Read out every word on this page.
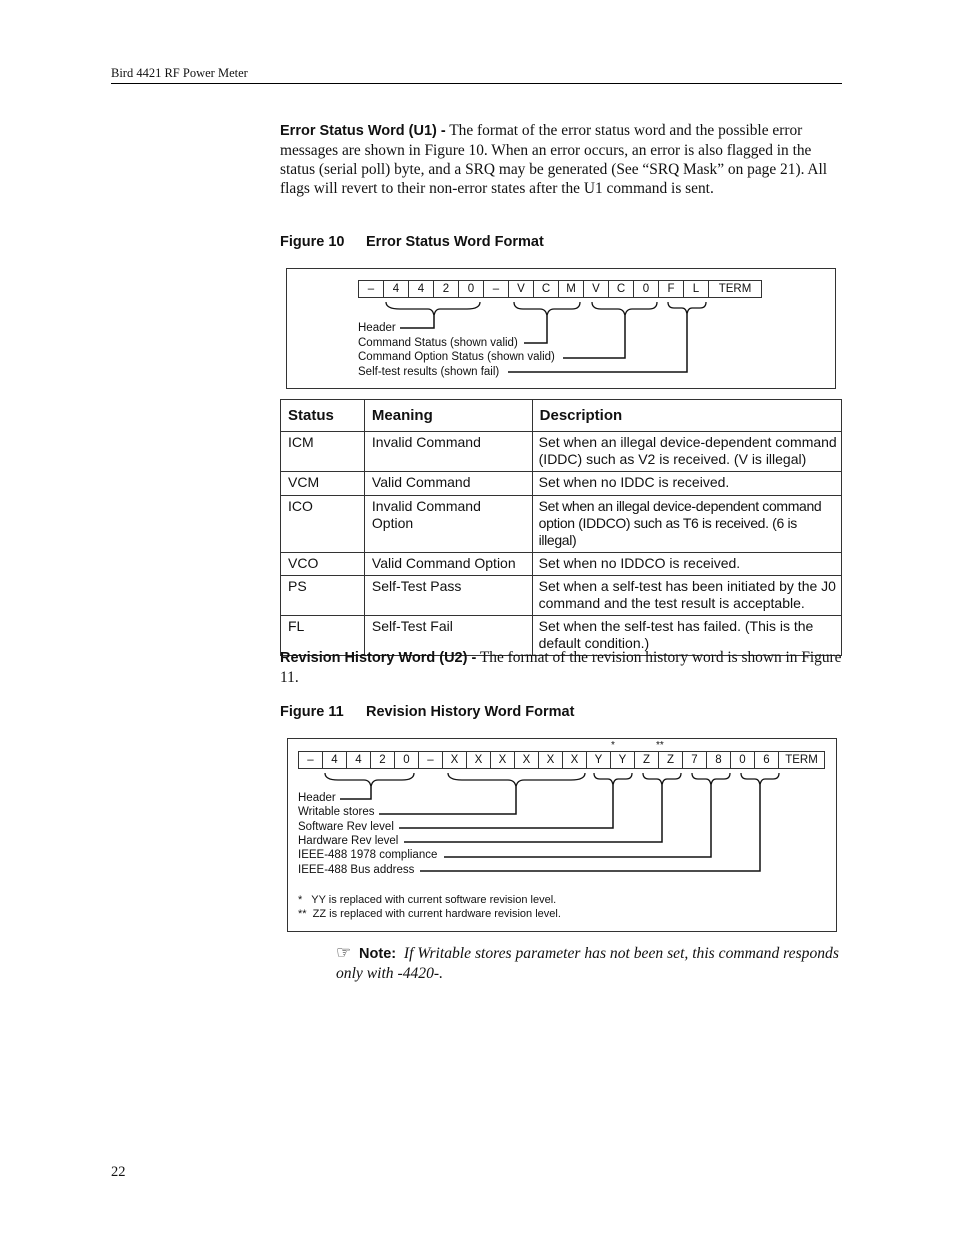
Bird 4421 RF Power Meter

Error Status Word (U1) - The format of the error status word and the possible error messages are shown in Figure 10. When an error occurs, an error is also flagged in the status (serial poll) byte, and a SRQ may be generated (See “SRQ Mask” on page 21). All flags will revert to their non-error states after the U1 command is sent.

Figure 10 Error Status Word Format
–	4	4	2	0	–	V	C	M	V	C	0	F	L	TERM
Header
Command Status (shown valid)
Command Option Status (shown valid)
Self-test results (shown fail)
Status	Meaning	Description
ICM	Invalid Command	Set when an illegal device-dependent command (IDDC) such as V2 is received. (V is illegal)
VCM	Valid Command	Set when no IDDC is received.
ICO	Invalid Command Option	Set when an illegal device-dependent command option (IDDCO) such as T6 is received. (6 is illegal)
VCO	Valid Command Option	Set when no IDDCO is received.
PS	Self-Test Pass	Set when a self-test has been initiated by the J0 command and the test result is acceptable.
FL	Self-Test Fail	Set when the self-test has failed. (This is the default condition.)

Revision History Word (U2) - The format of the revision history word is shown in Figure 11.

Figure 11 Revision History Word Format
*	**
–	4	4	2	0	–	X	X	X	X	X	X	Y	Y	Z	Z	7	8	0	6	TERM
Header
Writable stores
Software Rev level
Hardware Rev level
IEEE-488 1978 compliance
IEEE-488 Bus address
*   YY is replaced with current software revision level.
**  ZZ is replaced with current hardware revision level.
☞ Note: If Writable stores parameter has not been set, this command responds only with -4420-.
22
